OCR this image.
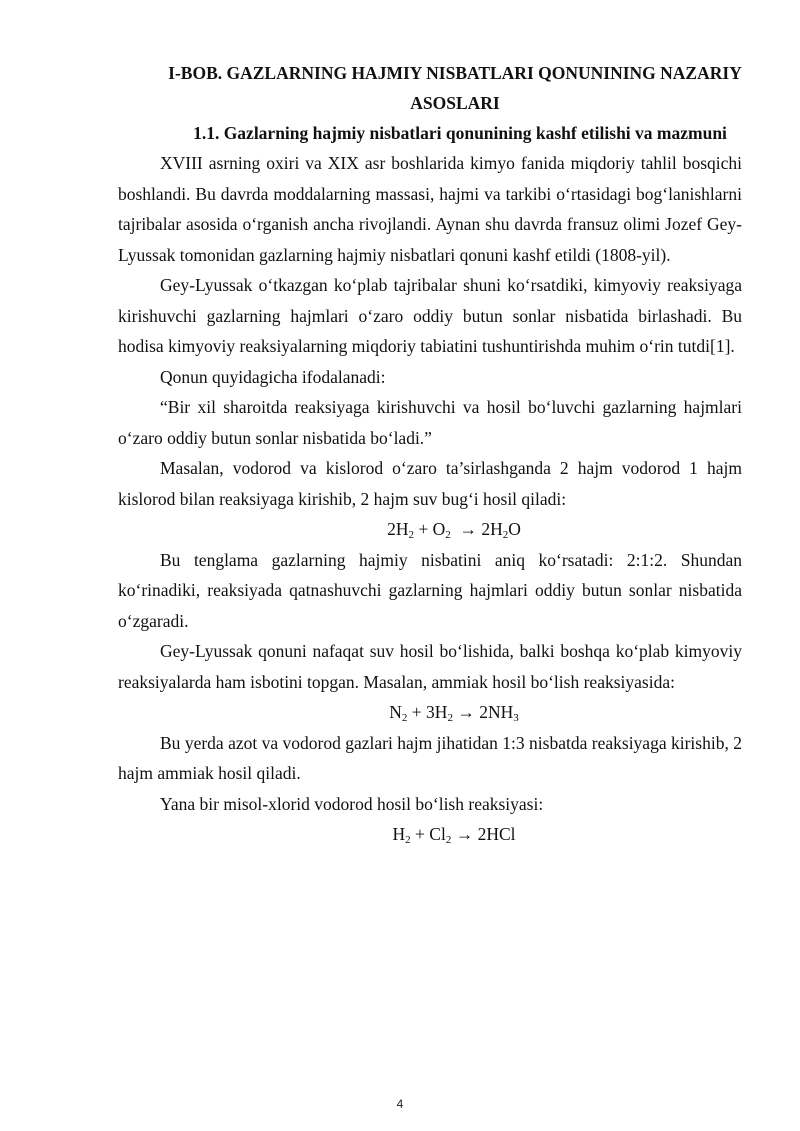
I-BOB. GAZLARNING HAJMIY NISBATLARI QONUNINING NAZARIY ASOSLARI
1.1. Gazlarning hajmiy nisbatlari qonunining kashf etilishi va mazmuni

XVIII asrning oxiri va XIX asr boshlarida kimyo fanida miqdoriy tahlil bosqichi boshlandi. Bu davrda moddalarning massasi, hajmi va tarkibi o‘rtasidagi bog‘lanishlarni tajribalar asosida o‘rganish ancha rivojlandi. Aynan shu davrda fransuz olimi Jozef Gey-Lyussak tomonidan gazlarning hajmiy nisbatlari qonuni kashf etildi (1808-yil).

Gey-Lyussak o‘tkazgan ko‘plab tajribalar shuni ko‘rsatdiki, kimyoviy reaksiyaga kirishuvchi gazlarning hajmlari o‘zaro oddiy butun sonlar nisbatida birlashadi. Bu hodisa kimyoviy reaksiyalarning miqdoriy tabiatini tushuntirishda muhim o‘rin tutdi[1].

Qonun quyidagicha ifodalanadi:

“Bir xil sharoitda reaksiyaga kirishuvchi va hosil bo‘luvchi gazlarning hajmlari o‘zaro oddiy butun sonlar nisbatida bo‘ladi.”

Masalan, vodorod va kislorod o‘zaro ta’sirlashganda 2 hajm vodorod 1 hajm kislorod bilan reaksiyaga kirishib, 2 hajm suv bug‘i hosil qiladi:

$2H_2 + O_2 \to 2H_2O$

Bu tenglama gazlarning hajmiy nisbatini aniq ko‘rsatadi: 2:1:2. Shundan ko‘rinadiki, reaksiyada qatnashuvchi gazlarning hajmlari oddiy butun sonlar nisbatida o‘zgaradi.

Gey-Lyussak qonuni nafaqat suv hosil bo‘lishida, balki boshqa ko‘plab kimyoviy reaksiyalarda ham isbotini topgan. Masalan, ammiak hosil bo‘lish reaksiyasida:

$N_2 + 3H_2 \to 2NH_3$

Bu yerda azot va vodorod gazlari hajm jihatidan 1:3 nisbatda reaksiyaga kirishib, 2 hajm ammiak hosil qiladi.

Yana bir misol-xlorid vodorod hosil bo‘lish reaksiyasi:

$H_2 + Cl_2 \to 2HCl$

4
